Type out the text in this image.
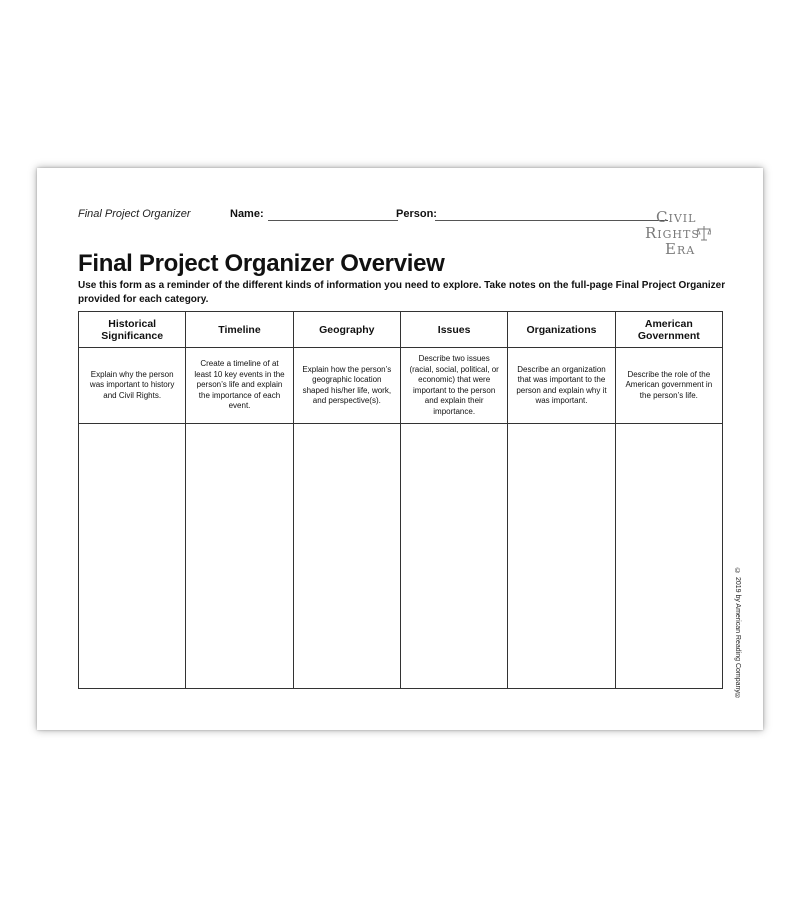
Final Project Organizer	Name:	Person:	Civil
Rights
Era
Final Project Organizer Overview
Use this form as a reminder of the different kinds of information you need to explore. Take notes on the full-page Final Project Organizer provided for each category.
Historical Significance	Timeline	Geography	Issues	Organizations	American Government
Explain why the person was important to history and Civil Rights.	Create a timeline of at least 10 key events in the person’s life and explain the importance of each event.	Explain how the person’s geographic location shaped his/her life, work, and perspective(s).	Describe two issues (racial, social, political, or economic) that were important to the person and explain their importance.	Describe an organization that was important to the person and explain why it was important.	Describe the role of the American government in the person’s life.

© 2019 by American Reading Company®
